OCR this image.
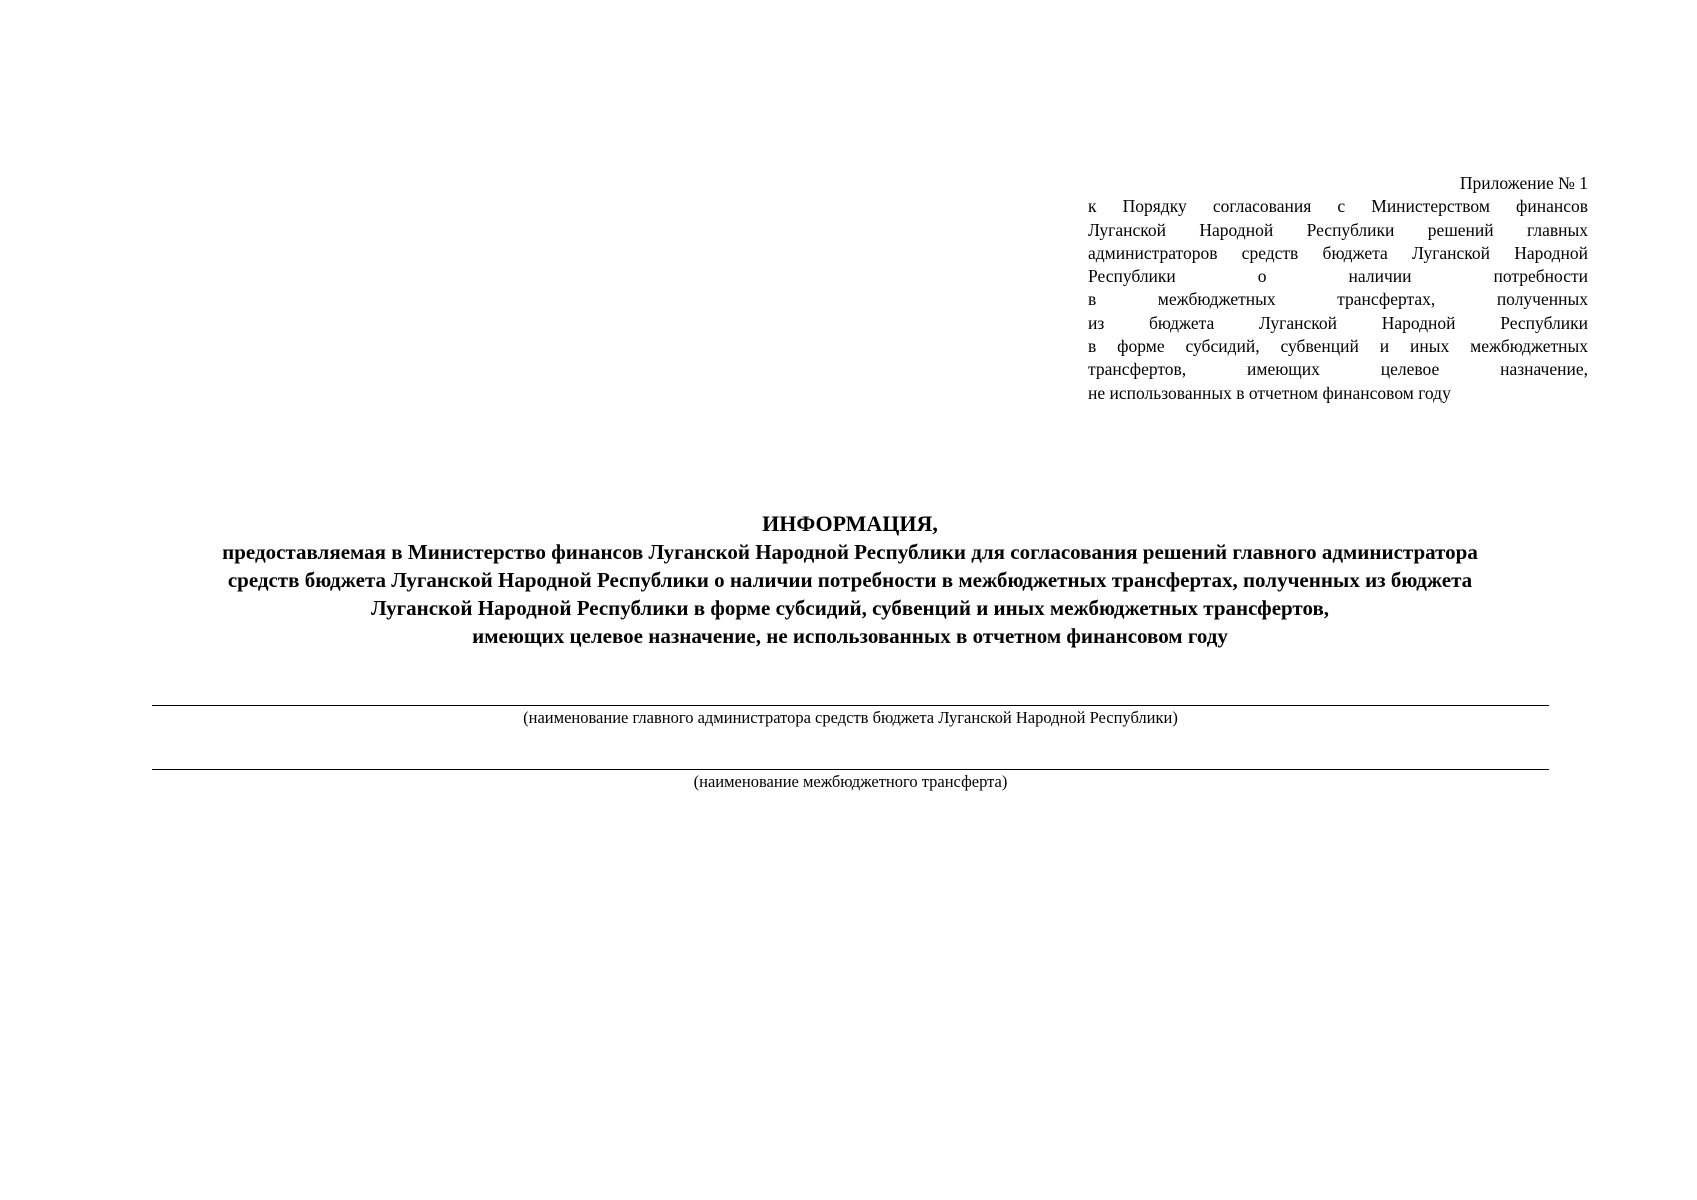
Приложение № 1
к Порядку согласования с Министерством финансов
Луганской Народной Республики решений главных
администраторов средств бюджета Луганской Народной
Республики о наличии потребности
в межбюджетных трансфертах, полученных
из бюджета Луганской Народной Республики
в форме субсидий, субвенций и иных межбюджетных
трансфертов, имеющих целевое назначение,
не использованных в отчетном финансовом году
ИНФОРМАЦИЯ,
предоставляемая в Министерство финансов Луганской Народной Республики для согласования решений главного администратора
средств бюджета Луганской Народной Республики о наличии потребности в межбюджетных трансфертах, полученных из бюджета
Луганской Народной Республики в форме субсидий, субвенций и иных межбюджетных трансфертов,
имеющих целевое назначение, не использованных в отчетном финансовом году
(наименование главного администратора средств бюджета Луганской Народной Республики)
(наименование межбюджетного трансферта)
